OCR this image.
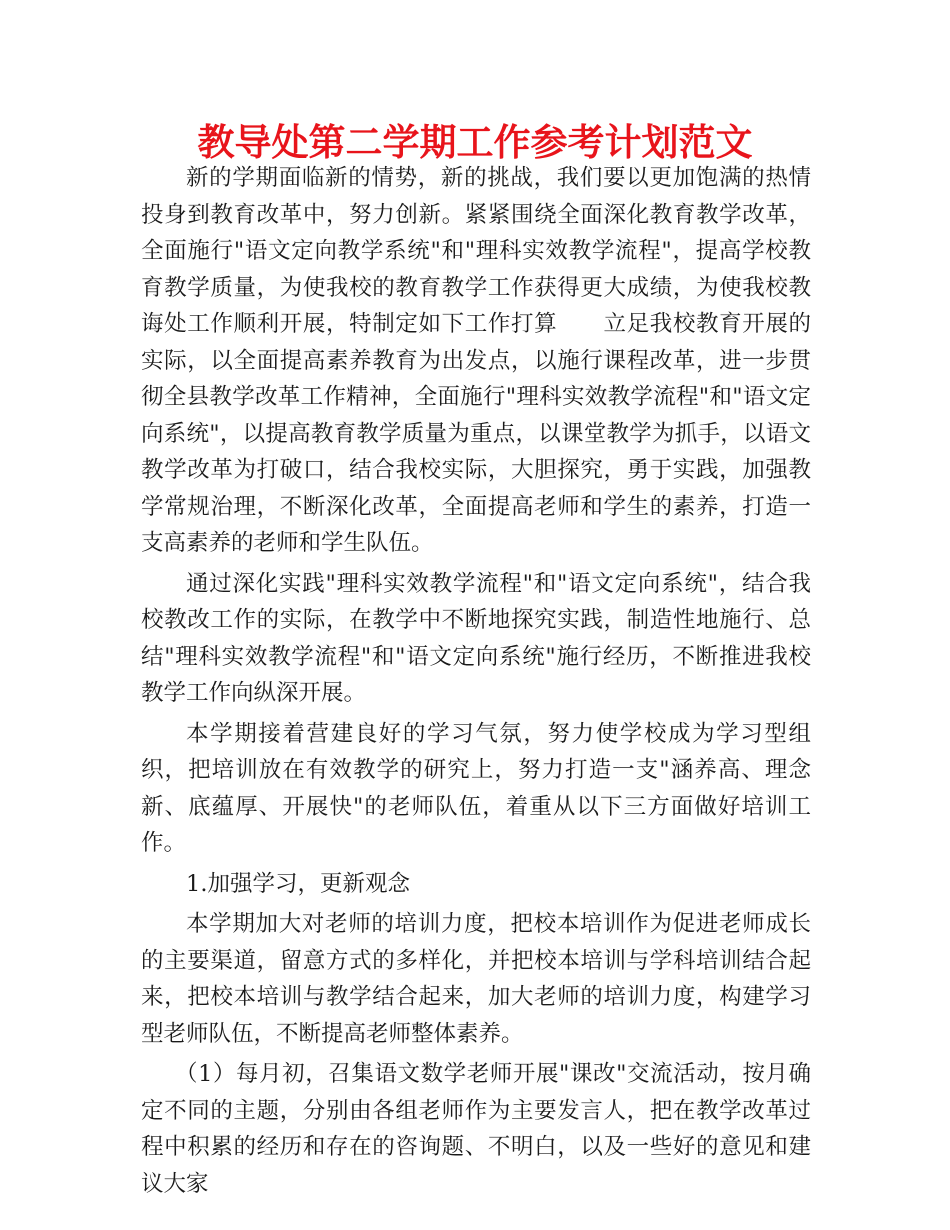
教导处第二学期工作参考计划范文

新的学期面临新的情势，新的挑战，我们要以更加饱满的热情投身到教育改革中，努力创新。紧紧围绕全面深化教育教学改革，全面施行"语文定向教学系统"和"理科实效教学流程"，提高学校教育教学质量，为使我校的教育教学工作获得更大成绩，为使我校教诲处工作顺利开展，特制定如下工作打算　　立足我校教育开展的实际，以全面提高素养教育为出发点，以施行课程改革，进一步贯彻全县教学改革工作精神，全面施行"理科实效教学流程"和"语文定向系统"，以提高教育教学质量为重点，以课堂教学为抓手，以语文教学改革为打破口，结合我校实际，大胆探究，勇于实践，加强教学常规治理，不断深化改革，全面提高老师和学生的素养，打造一支高素养的老师和学生队伍。

通过深化实践"理科实效教学流程"和"语文定向系统"，结合我校教改工作的实际，在教学中不断地探究实践，制造性地施行、总结"理科实效教学流程"和"语文定向系统"施行经历，不断推进我校教学工作向纵深开展。

本学期接着营建良好的学习气氛，努力使学校成为学习型组织，把培训放在有效教学的研究上，努力打造一支"涵养高、理念新、底蕴厚、开展快"的老师队伍，着重从以下三方面做好培训工作。

1.加强学习，更新观念

本学期加大对老师的培训力度，把校本培训作为促进老师成长的主要渠道，留意方式的多样化，并把校本培训与学科培训结合起来，把校本培训与教学结合起来，加大老师的培训力度，构建学习型老师队伍，不断提高老师整体素养。

（1）每月初，召集语文数学老师开展"课改"交流活动，按月确定不同的主题，分别由各组老师作为主要发言人，把在教学改革过程中积累的经历和存在的咨询题、不明白，以及一些好的意见和建议大家
